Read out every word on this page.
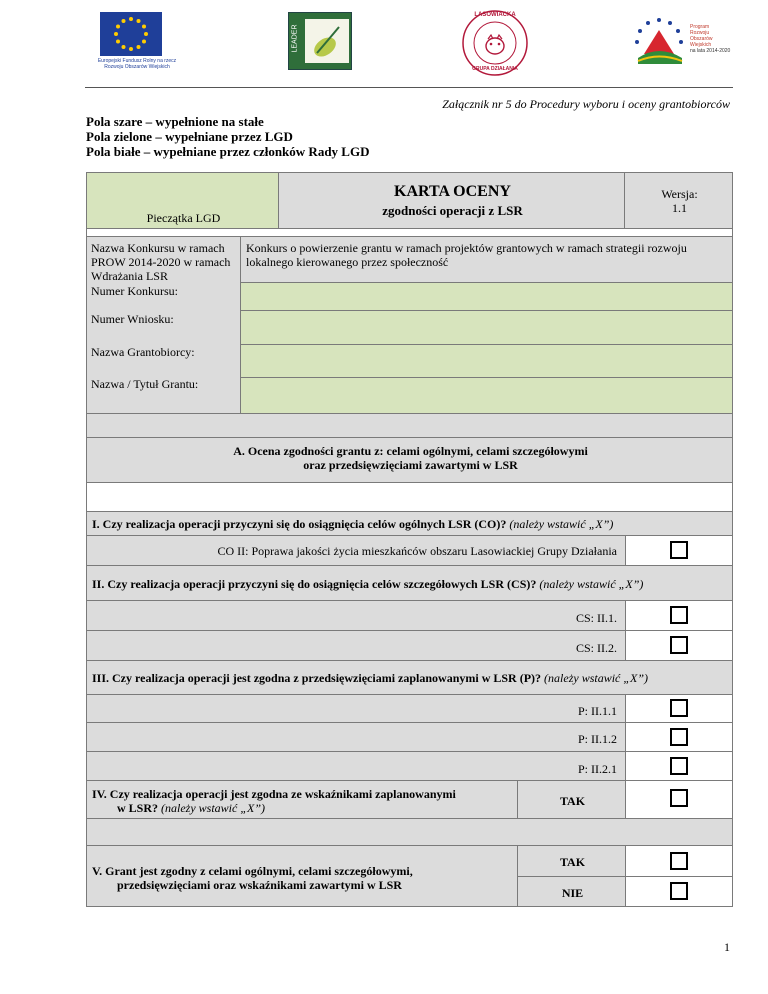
Europejski Fundusz Rolny na rzecz Rozwoju Obszarów Wiejskich
LEADER
LASOWIACKA
GRUPA DZIAŁANIA
Program
Rozwoju
Obszarów
Wiejskich
na lata 2014-2020
Załącznik nr 5 do Procedury wyboru i oceny grantobiorców
Pola szare – wypełnione na stałe
Pola zielone – wypełniane przez LGD
Pola białe – wypełniane przez członków Rady LGD
Pieczątka LGD
KARTA OCENY
zgodności operacji z LSR
Wersja:
1.1
Nazwa Konkursu w ramach PROW 2014-2020 w ramach Wdrażania LSR
Numer Konkursu:
Numer Wniosku:
Nazwa Grantobiorcy:
Nazwa / Tytuł Grantu:
Konkurs o powierzenie grantu w ramach projektów grantowych w ramach strategii rozwoju lokalnego kierowanego przez społeczność
A. Ocena zgodności grantu z: celami ogólnymi, celami szczegółowymi
oraz przedsięwzięciami zawartymi w LSR
I. Czy realizacja operacji przyczyni się do osiągnięcia celów ogólnych LSR (CO)? (należy wstawić „X”)
CO II: Poprawa jakości życia mieszkańców obszaru Lasowiackiej Grupy Działania
II. Czy realizacja operacji przyczyni się do osiągnięcia celów szczegółowych LSR (CS)? (należy wstawić „X”)
CS: II.1.
CS: II.2.
III. Czy realizacja operacji jest zgodna z przedsięwzięciami zaplanowanymi w LSR (P)? (należy wstawić „X”)
P: II.1.1
P: II.1.2
P: II.2.1
IV. Czy realizacja operacji jest zgodna ze wskaźnikami zaplanowanymi
w LSR? (należy wstawić „X”)	TAK
V. Grant jest zgodny z celami ogólnymi, celami szczegółowymi,
przedsięwzięciami oraz wskaźnikami zawartymi w LSR
TAK
NIE
1
